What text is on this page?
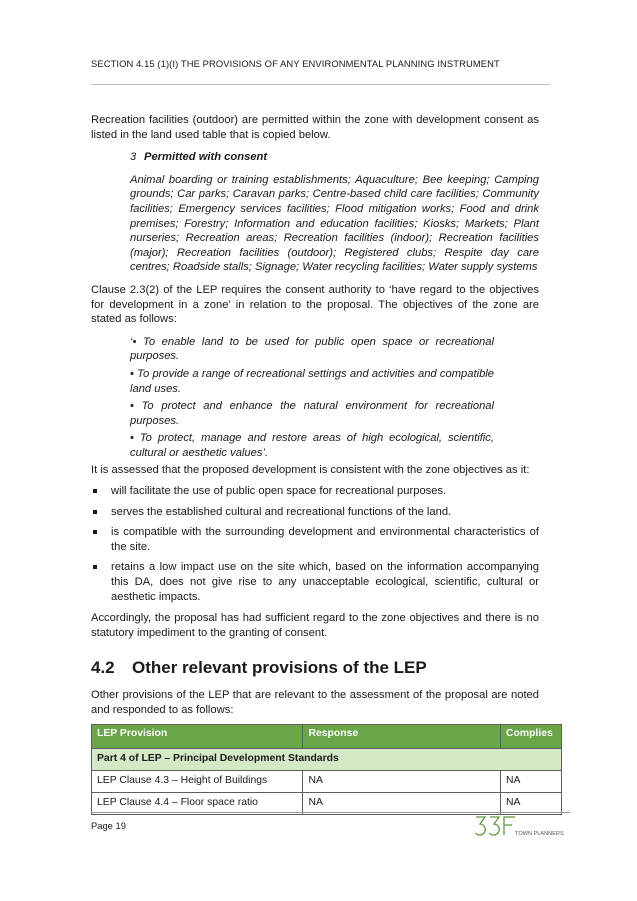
SECTION 4.15 (1)(I) THE PROVISIONS OF ANY ENVIRONMENTAL PLANNING INSTRUMENT

Recreation facilities (outdoor) are permitted within the zone with development consent as listed in the land used table that is copied below.

3 Permitted with consent

Animal boarding or training establishments; Aquaculture; Bee keeping; Camping grounds; Car parks; Caravan parks; Centre-based child care facilities; Community facilities; Emergency services facilities; Flood mitigation works; Food and drink premises; Forestry; Information and education facilities; Kiosks; Markets; Plant nurseries; Recreation areas; Recreation facilities (indoor); Recreation facilities (major); Recreation facilities (outdoor); Registered clubs; Respite day care centres; Roadside stalls; Signage; Water recycling facilities; Water supply systems

Clause 2.3(2) of the LEP requires the consent authority to ‘have regard to the objectives for development in a zone’ in relation to the proposal. The objectives of the zone are stated as follows:

‘• To enable land to be used for public open space or recreational purposes.

• To provide a range of recreational settings and activities and compatible land uses.

• To protect and enhance the natural environment for recreational purposes.

• To protect, manage and restore areas of high ecological, scientific, cultural or aesthetic values’.

It is assessed that the proposed development is consistent with the zone objectives as it:

will facilitate the use of public open space for recreational purposes.
serves the established cultural and recreational functions of the land.
is compatible with the surrounding development and environmental characteristics of the site.
retains a low impact use on the site which, based on the information accompanying this DA, does not give rise to any unacceptable ecological, scientific, cultural or aesthetic impacts.

Accordingly, the proposal has had sufficient regard to the zone objectives and there is no statutory impediment to the granting of consent.

4.2 Other relevant provisions of the LEP

Other provisions of the LEP that are relevant to the assessment of the proposal are noted and responded to as follows:

LEP Provision	Response	Complies
Part 4 of LEP – Principal Development Standards		
LEP Clause 4.3 – Height of Buildings	NA	NA
LEP Clause 4.4 – Floor space ratio	NA	NA
Page 19
TOWN PLANNERS
